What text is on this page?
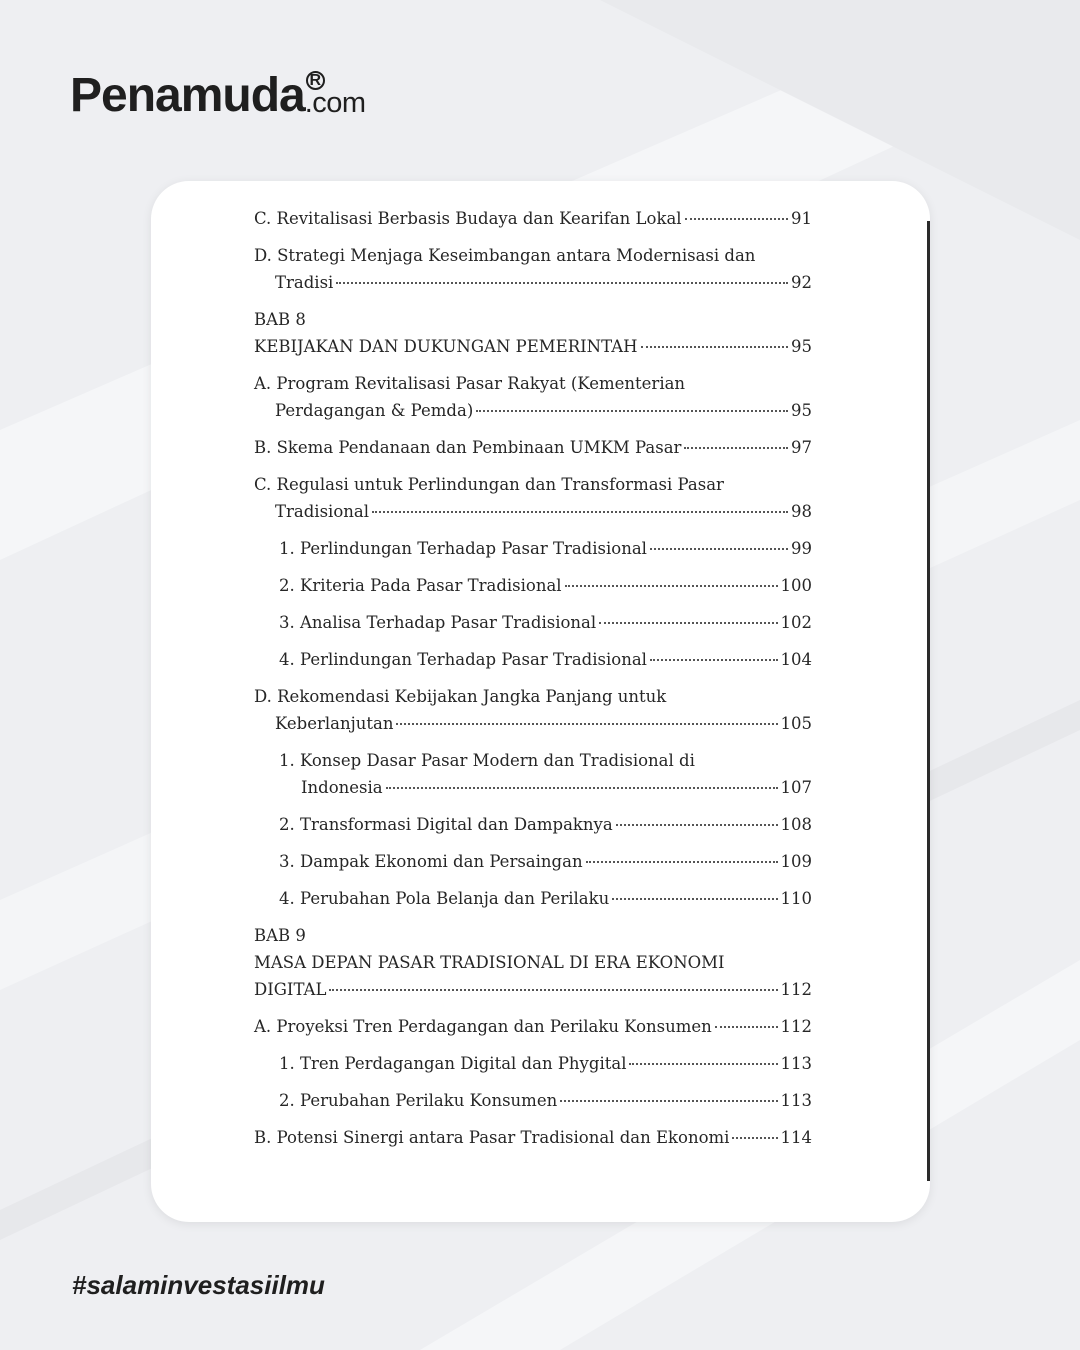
Penamuda R
.com
C. Revitalisasi Berbasis Budaya dan Kearifan Lokal	91
D. Strategi Menjaga Keseimbangan antara Modernisasi dan
Tradisi	92
BAB 8
KEBIJAKAN DAN DUKUNGAN PEMERINTAH	95
A. Program Revitalisasi Pasar Rakyat (Kementerian
Perdagangan & Pemda)	95
B. Skema Pendanaan dan Pembinaan UMKM Pasar	97
C. Regulasi untuk Perlindungan dan Transformasi Pasar
Tradisional	98
1. Perlindungan Terhadap Pasar Tradisional	99
2. Kriteria Pada Pasar Tradisional	100
3. Analisa Terhadap Pasar Tradisional	102
4. Perlindungan Terhadap Pasar Tradisional	104
D. Rekomendasi Kebijakan Jangka Panjang untuk
Keberlanjutan	105
1. Konsep Dasar Pasar Modern dan Tradisional di
Indonesia	107
2. Transformasi Digital dan Dampaknya	108
3. Dampak Ekonomi dan Persaingan	109
4. Perubahan Pola Belanja dan Perilaku	110
BAB 9
MASA DEPAN PASAR TRADISIONAL DI ERA EKONOMI
DIGITAL	112
A. Proyeksi Tren Perdagangan dan Perilaku Konsumen	112
1. Tren Perdagangan Digital dan Phygital	113
2. Perubahan Perilaku Konsumen	113
B. Potensi Sinergi antara Pasar Tradisional dan Ekonomi	114
#salaminvestasiilmu
